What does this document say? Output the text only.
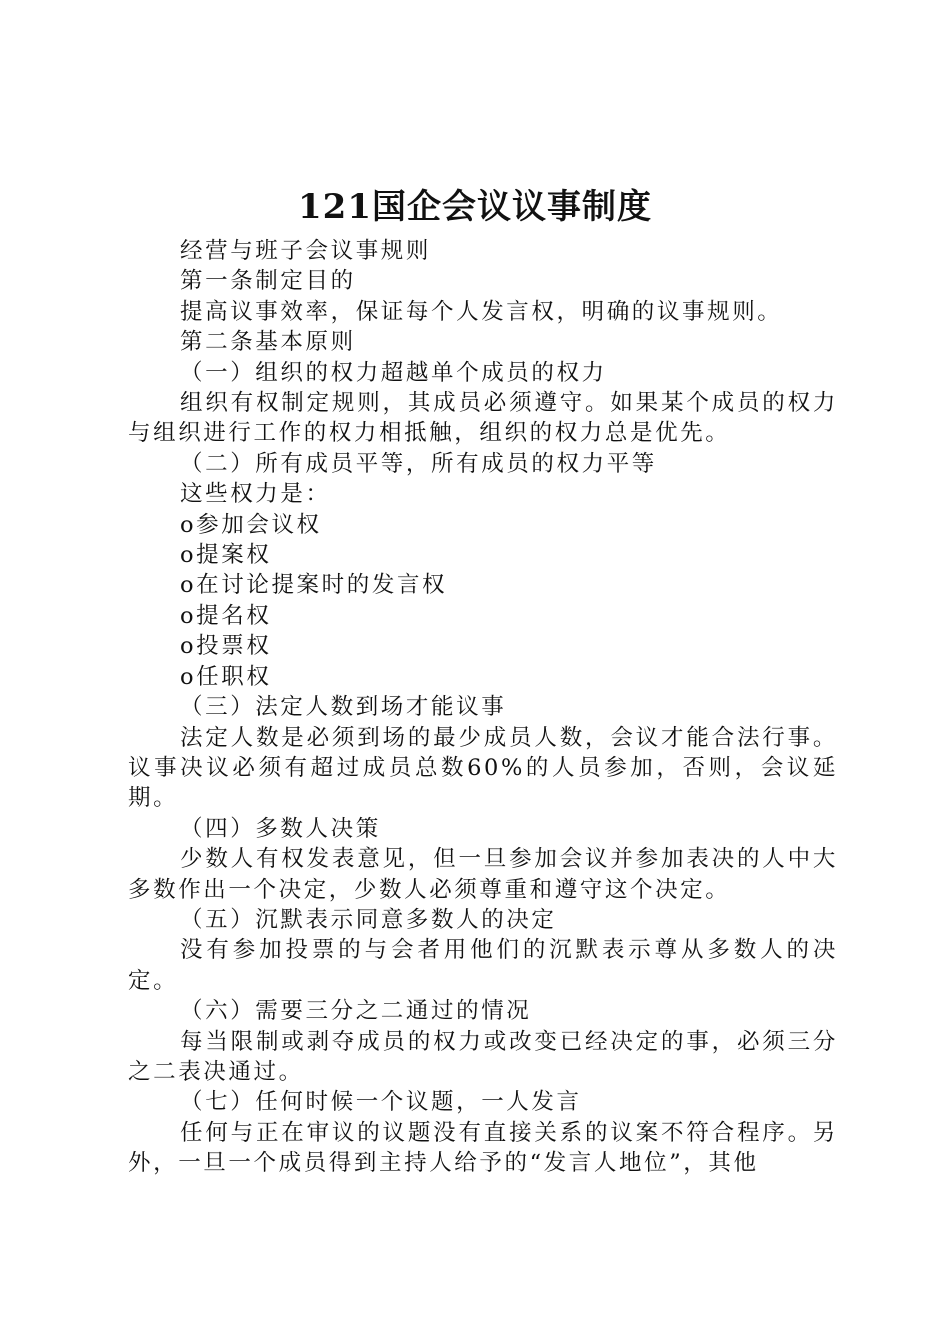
121国企会议议事制度

经营与班子会议事规则

第一条制定目的

提高议事效率，保证每个人发言权，明确的议事规则。

第二条基本原则

（一）组织的权力超越单个成员的权力

组织有权制定规则，其成员必须遵守。如果某个成员的权力与组织进行工作的权力相抵触，组织的权力总是优先。

（二）所有成员平等，所有成员的权力平等

这些权力是：

o参加会议权

o提案权

o在讨论提案时的发言权

o提名权

o投票权

o任职权

（三）法定人数到场才能议事

法定人数是必须到场的最少成员人数，会议才能合法行事。议事决议必须有超过成员总数60%的人员参加，否则，会议延期。

（四）多数人决策

少数人有权发表意见，但一旦参加会议并参加表决的人中大多数作出一个决定，少数人必须尊重和遵守这个决定。

（五）沉默表示同意多数人的决定

没有参加投票的与会者用他们的沉默表示尊从多数人的决定。

（六）需要三分之二通过的情况

每当限制或剥夺成员的权力或改变已经决定的事，必须三分之二表决通过。

（七）任何时候一个议题，一人发言

任何与正在审议的议题没有直接关系的议案不符合程序。另外，一旦一个成员得到主持人给予的“发言人地位”，其他
